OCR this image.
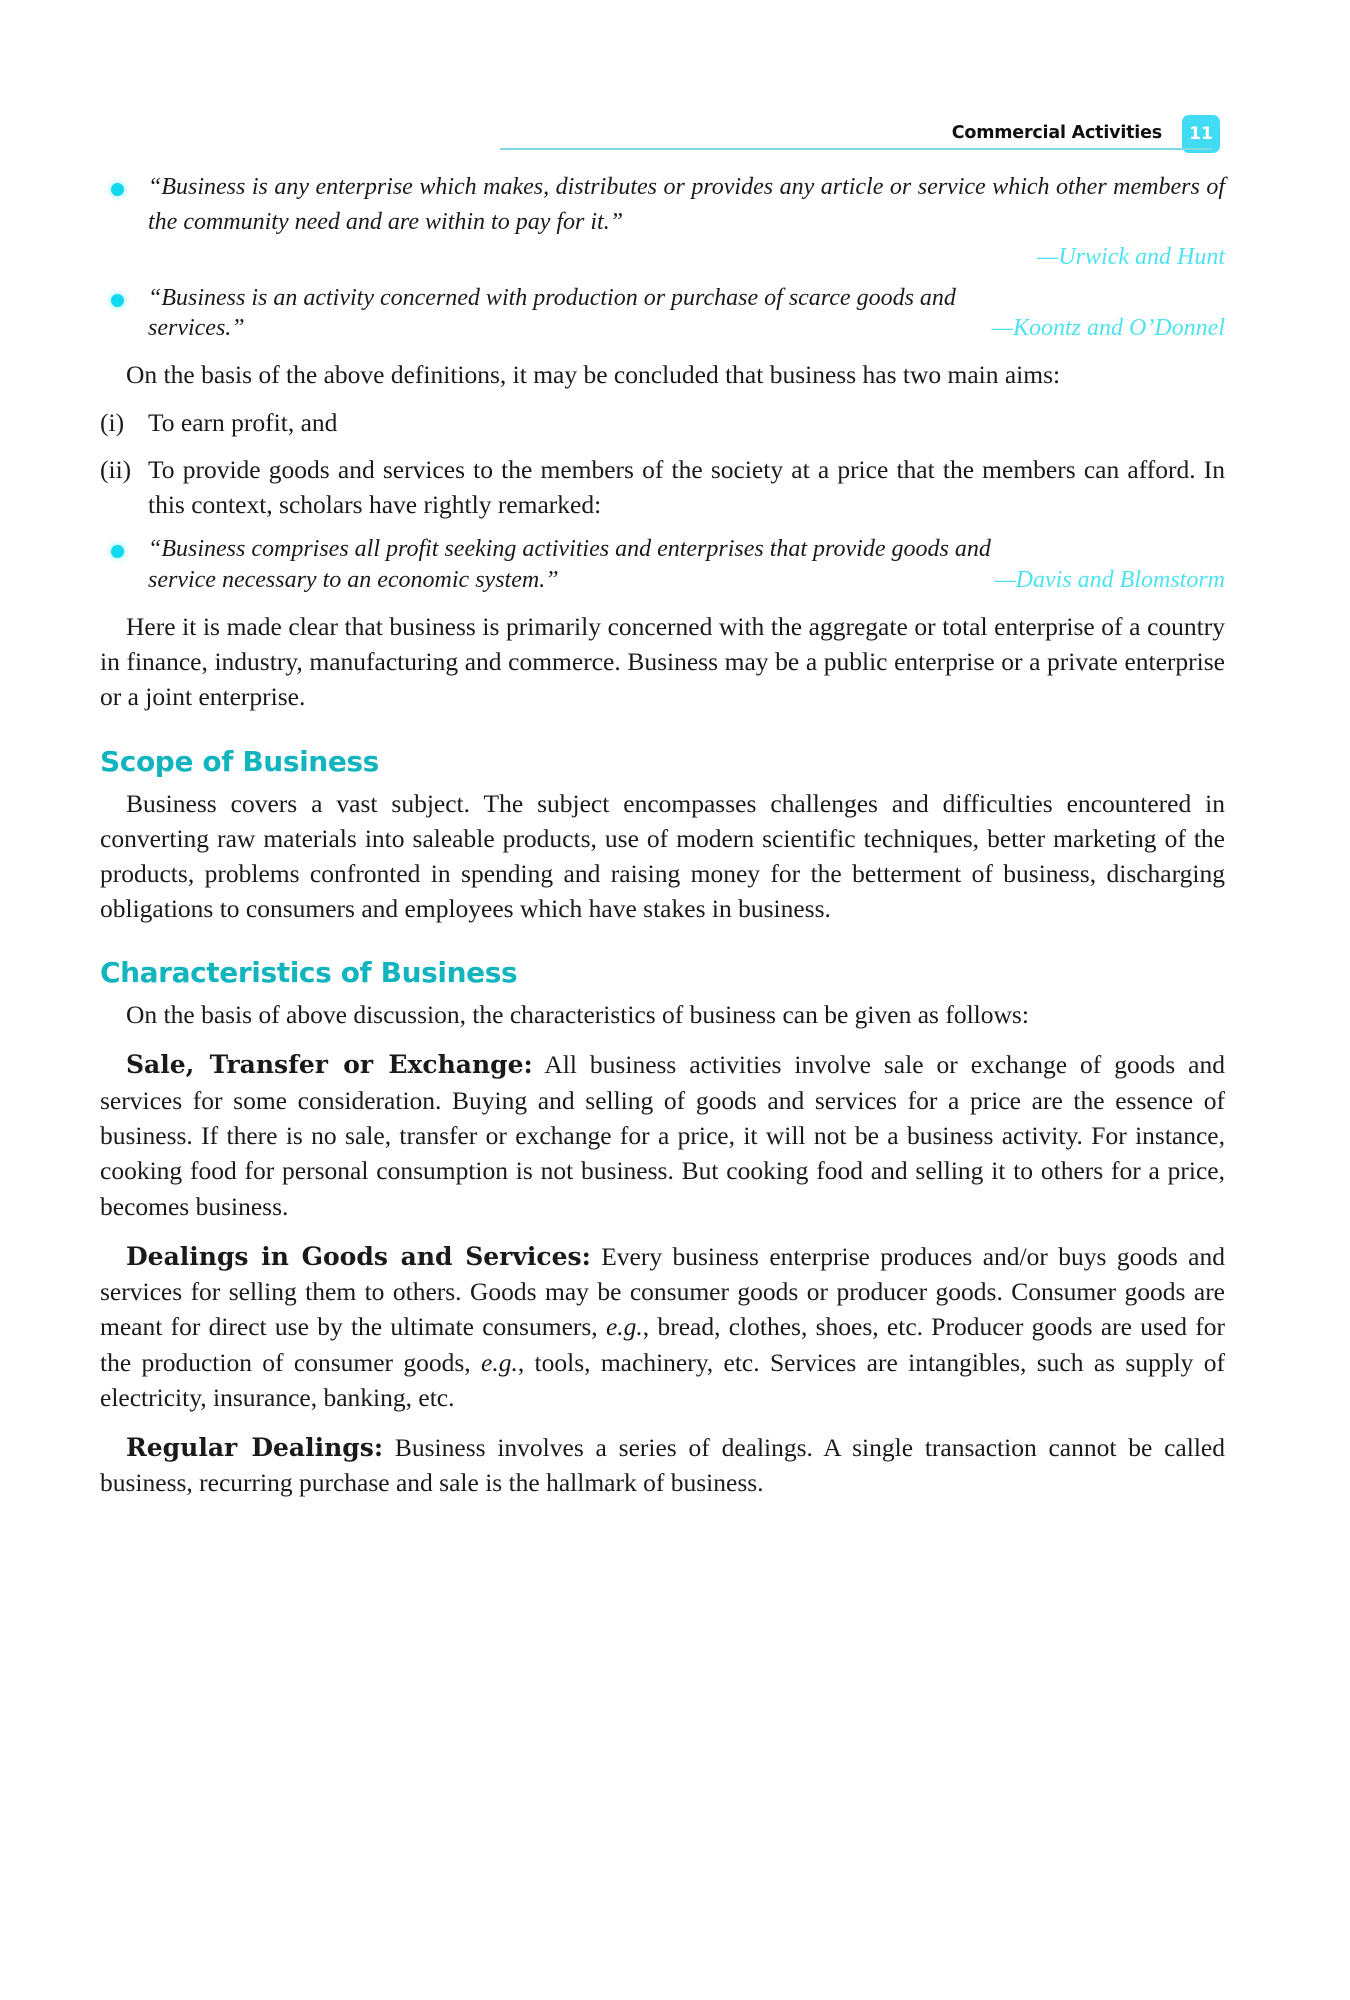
Commercial Activities	11
“Business is any enterprise which makes, distributes or provides any article or service which other members of the community need and are within to pay for it.”
—Urwick and Hunt
“Business is an activity concerned with production or purchase of scarce goods and
services.”	—Koontz and O’Donnel

On the basis of the above definitions, it may be concluded that business has two main aims:

(i) To earn profit, and
(ii) To provide goods and services to the members of the society at a price that the members can afford. In this context, scholars have rightly remarked:
“Business comprises all profit seeking activities and enterprises that provide goods and
service necessary to an economic system.”	—Davis and Blomstorm

Here it is made clear that business is primarily concerned with the aggregate or total enterprise of a country in finance, industry, manufacturing and commerce. Business may be a public enterprise or a private enterprise or a joint enterprise.

Scope of Business

Business covers a vast subject. The subject encompasses challenges and difficulties encountered in converting raw materials into saleable products, use of modern scientific techniques, better marketing of the products, problems confronted in spending and raising money for the betterment of business, discharging obligations to consumers and employees which have stakes in business.

Characteristics of Business

On the basis of above discussion, the characteristics of business can be given as follows:

Sale, Transfer or Exchange: All business activities involve sale or exchange of goods and services for some consideration. Buying and selling of goods and services for a price are the essence of business. If there is no sale, transfer or exchange for a price, it will not be a business activity. For instance, cooking food for personal consumption is not business. But cooking food and selling it to others for a price, becomes business.

Dealings in Goods and Services: Every business enterprise produces and/or buys goods and services for selling them to others. Goods may be consumer goods or producer goods. Consumer goods are meant for direct use by the ultimate consumers, e.g., bread, clothes, shoes, etc. Producer goods are used for the production of consumer goods, e.g., tools, machinery, etc. Services are intangibles, such as supply of electricity, insurance, banking, etc.

Regular Dealings: Business involves a series of dealings. A single transaction cannot be called business, recurring purchase and sale is the hallmark of business.
